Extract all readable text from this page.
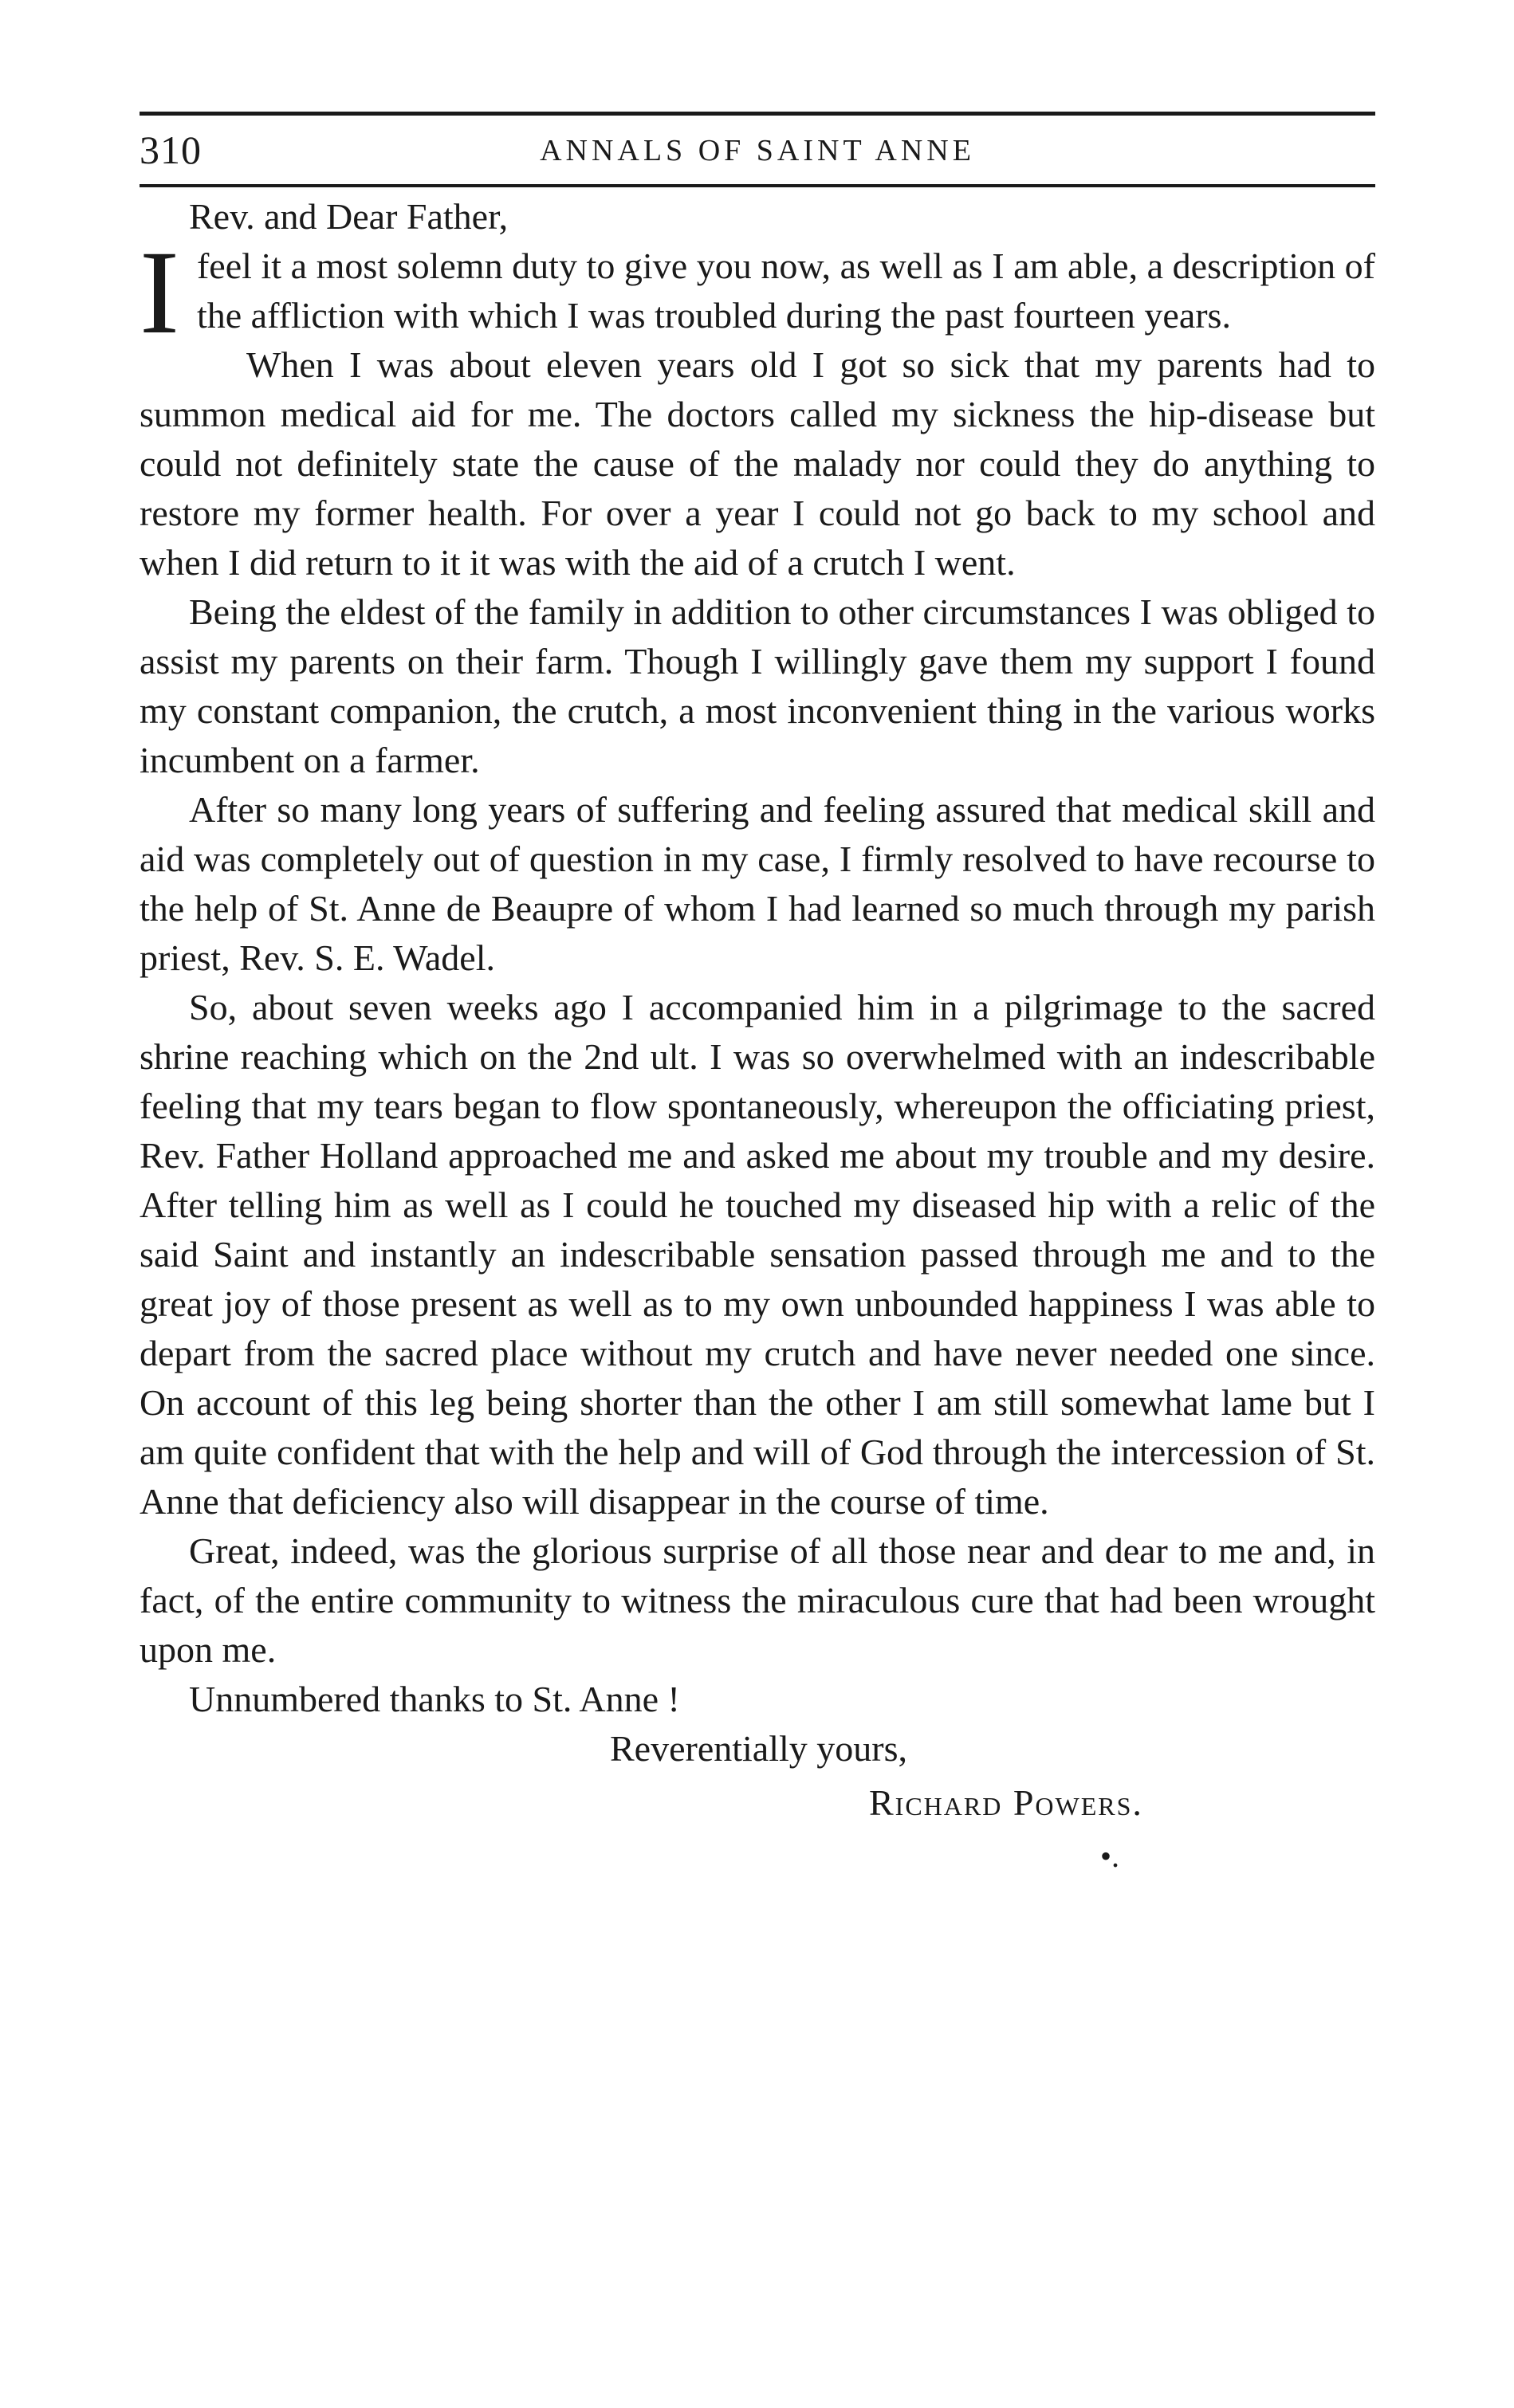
310	ANNALS OF SAINT ANNE

Rev. and Dear Father,

Ifeel it a most solemn duty to give you now, as well as I am able, a description of the affliction with which I was troubled during the past fourteen years.

When I was about eleven years old I got so sick that my parents had to summon medical aid for me. The doctors called my sickness the hip-disease but could not definitely state the cause of the malady nor could they do anything to restore my former health. For over a year I could not go back to my school and when I did return to it it was with the aid of a crutch I went.

Being the eldest of the family in addition to other circumstances I was obliged to assist my parents on their farm. Though I willingly gave them my support I found my constant companion, the crutch, a most inconvenient thing in the various works incumbent on a farmer.

After so many long years of suffering and feeling assured that medical skill and aid was completely out of question in my case, I firmly resolved to have recourse to the help of St. Anne de Beaupre of whom I had learned so much through my parish priest, Rev. S. E. Wadel.

So, about seven weeks ago I accompanied him in a pilgrimage to the sacred shrine reaching which on the 2nd ult. I was so overwhelmed with an indescribable feeling that my tears began to flow spontaneously, whereupon the officiating priest, Rev. Father Holland approached me and asked me about my trouble and my desire. After telling him as well as I could he touched my diseased hip with a relic of the said Saint and instantly an indescribable sensation passed through me and to the great joy of those present as well as to my own unbounded happiness I was able to depart from the sacred place without my crutch and have never needed one since. On account of this leg being shorter than the other I am still somewhat lame but I am quite confident that with the help and will of God through the intercession of St. Anne that deficiency also will disappear in the course of time.

Great, indeed, was the glorious surprise of all those near and dear to me and, in fact, of the entire community to witness the miraculous cure that had been wrought upon me.

Unnumbered thanks to St. Anne !

Reverentially yours,

Richard Powers.

•.
